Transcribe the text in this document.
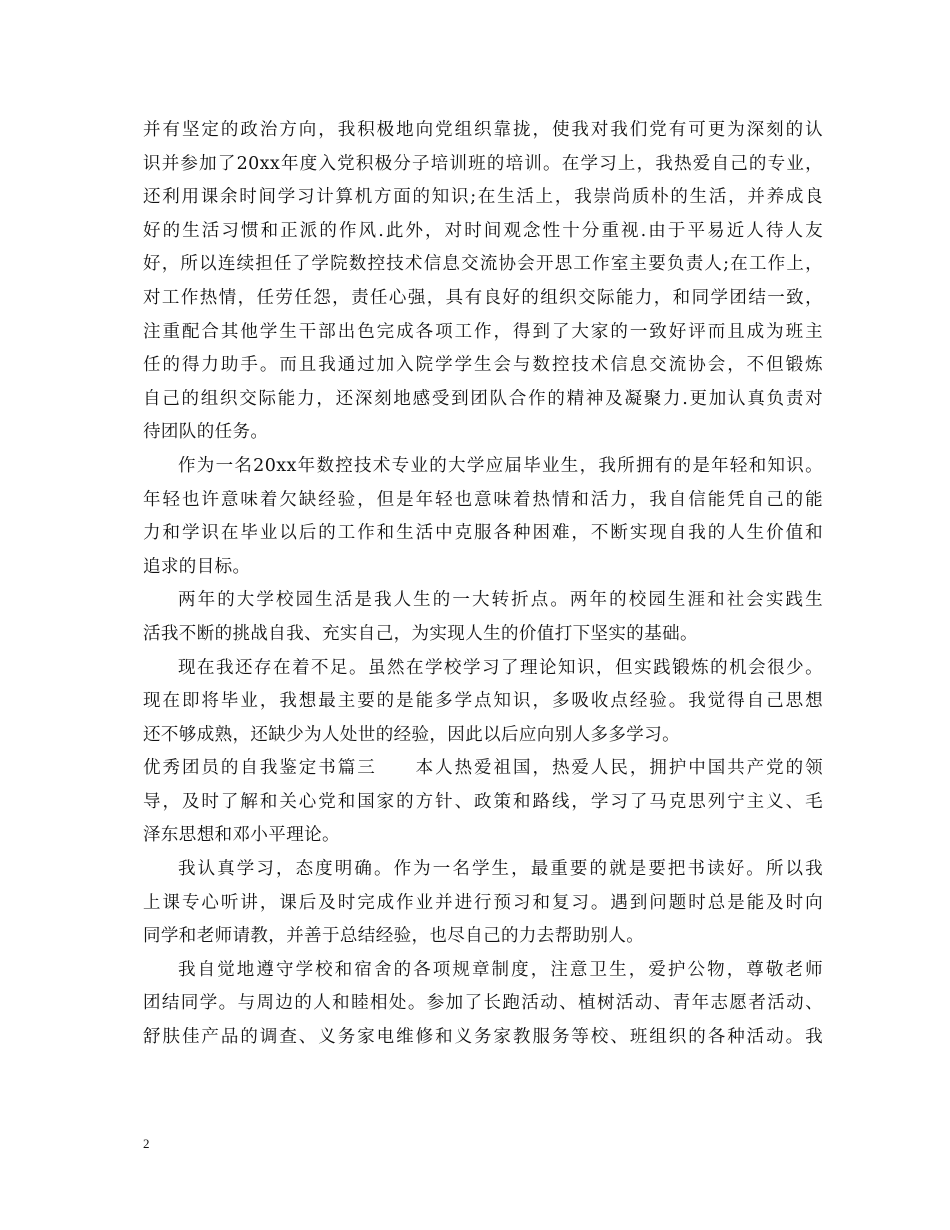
并有坚定的政治方向，我积极地向党组织靠拢，使我对我们党有可更为深刻的认
识并参加了20xx年度入党积极分子培训班的培训。在学习上，我热爱自己的专业，
还利用课余时间学习计算机方面的知识;在生活上，我崇尚质朴的生活，并养成良
好的生活习惯和正派的作风.此外，对时间观念性十分重视.由于平易近人待人友
好，所以连续担任了学院数控技术信息交流协会开思工作室主要负责人;在工作上，
对工作热情，任劳任怨，责任心强，具有良好的组织交际能力，和同学团结一致，
注重配合其他学生干部出色完成各项工作，得到了大家的一致好评而且成为班主
任的得力助手。而且我通过加入院学学生会与数控技术信息交流协会，不但锻炼
自己的组织交际能力，还深刻地感受到团队合作的精神及凝聚力.更加认真负责对
待团队的任务。
作为一名20xx年数控技术专业的大学应届毕业生，我所拥有的是年轻和知识。
年轻也许意味着欠缺经验，但是年轻也意味着热情和活力，我自信能凭自己的能
力和学识在毕业以后的工作和生活中克服各种困难，不断实现自我的人生价值和
追求的目标。
两年的大学校园生活是我人生的一大转折点。两年的校园生涯和社会实践生
活我不断的挑战自我、充实自己，为实现人生的价值打下坚实的基础。
现在我还存在着不足。虽然在学校学习了理论知识，但实践锻炼的机会很少。
现在即将毕业，我想最主要的是能多学点知识，多吸收点经验。我觉得自己思想
还不够成熟，还缺少为人处世的经验，因此以后应向别人多多学习。
优秀团员的自我鉴定书篇三　　本人热爱祖国，热爱人民，拥护中国共产党的领
导，及时了解和关心党和国家的方针、政策和路线，学习了马克思列宁主义、毛
泽东思想和邓小平理论。
我认真学习，态度明确。作为一名学生，最重要的就是要把书读好。所以我
上课专心听讲，课后及时完成作业并进行预习和复习。遇到问题时总是能及时向
同学和老师请教，并善于总结经验，也尽自己的力去帮助别人。
我自觉地遵守学校和宿舍的各项规章制度，注意卫生，爱护公物，尊敬老师
团结同学。与周边的人和睦相处。参加了长跑活动、植树活动、青年志愿者活动、
舒肤佳产品的调查、义务家电维修和义务家教服务等校、班组织的各种活动。我
2
